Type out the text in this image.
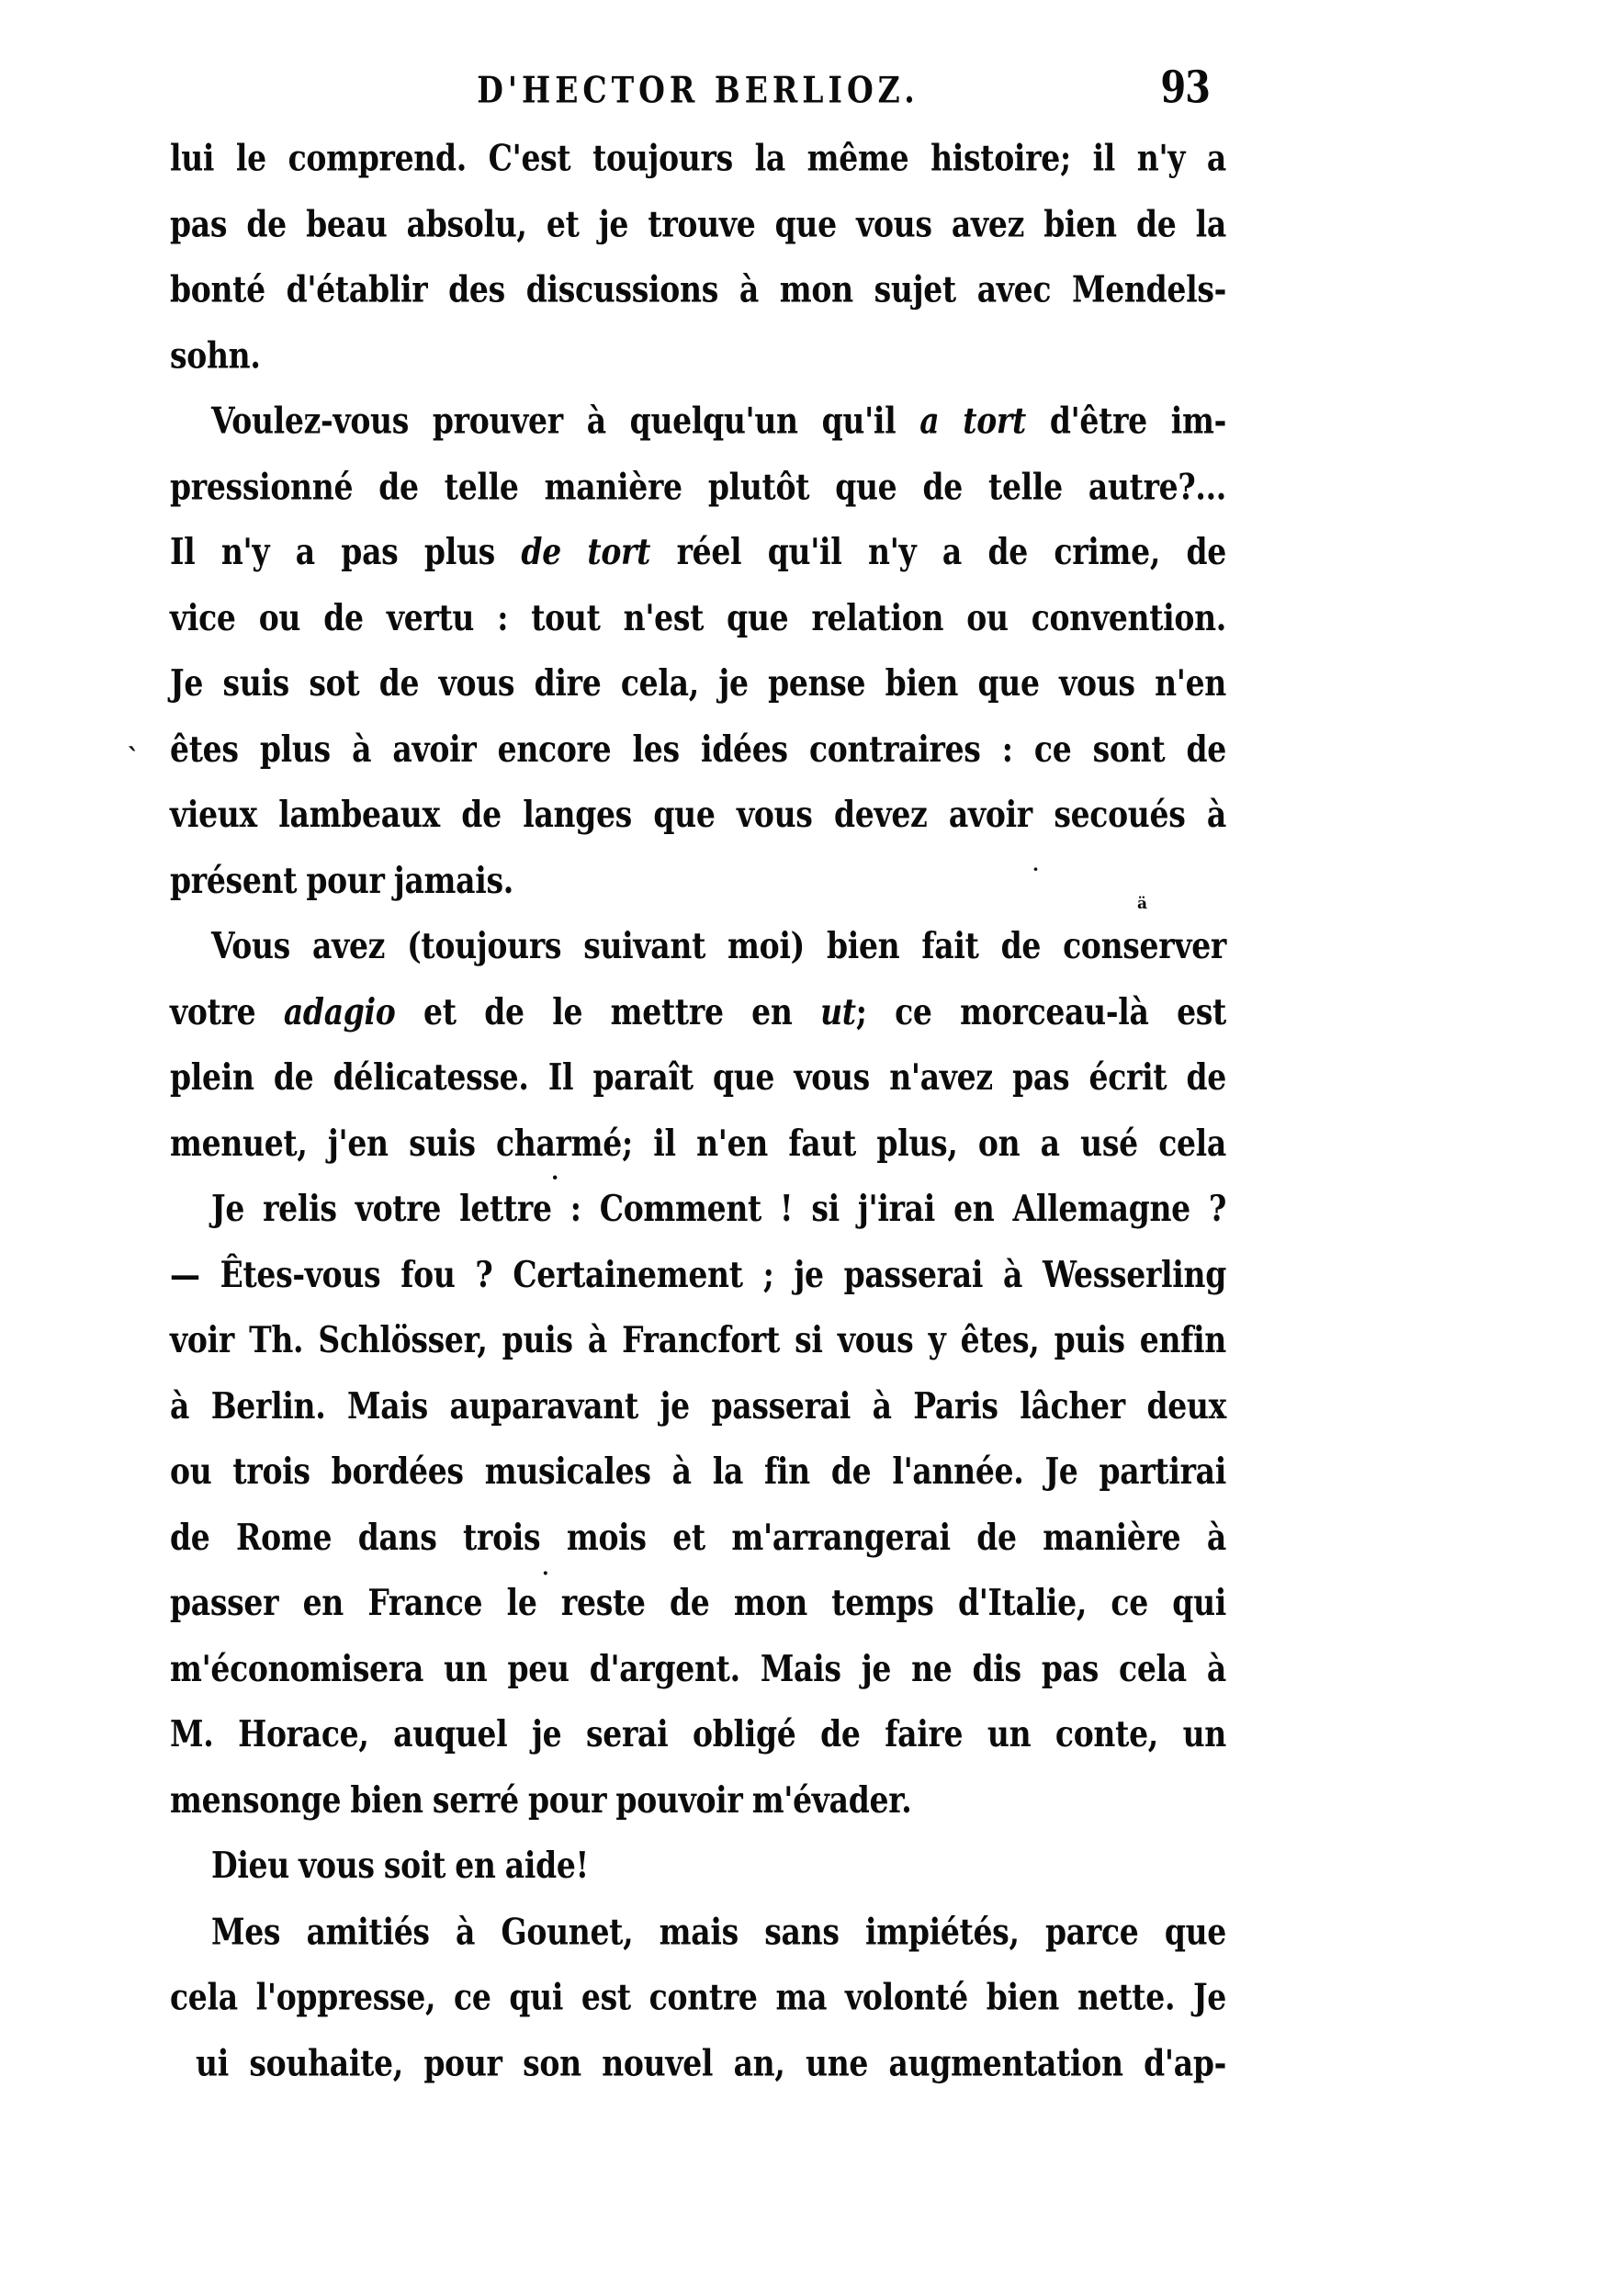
D'HECTOR BERLIOZ.	93
lui le comprend. C'est toujours la même histoire; il n'y a
pas de beau absolu, et je trouve que vous avez bien de la
bonté d'établir des discussions à mon sujet avec Mendels-
sohn.
Voulez-vous prouver à quelqu'un qu'il a tort d'être im-
pressionné de telle manière plutôt que de telle autre?...
Il n'y a pas plus de tort réel qu'il n'y a de crime, de
vice ou de vertu : tout n'est que relation ou convention.
Je suis sot de vous dire cela, je pense bien que vous n'en
êtes plus à avoir encore les idées contraires : ce sont de
vieux lambeaux de langes que vous devez avoir secoués à
présent pour jamais.
Vous avez (toujours suivant moi) bien fait de conserver
votre adagio et de le mettre en ut; ce morceau-là est
plein de délicatesse. Il paraît que vous n'avez pas écrit de
menuet, j'en suis charmé; il n'en faut plus, on a usé cela
Je relis votre lettre : Comment ! si j'irai en Allemagne ?
— Êtes-vous fou ? Certainement ; je passerai à Wesserling
voir Th. Schlösser, puis à Francfort si vous y êtes, puis enfin
à Berlin. Mais auparavant je passerai à Paris lâcher deux
ou trois bordées musicales à la fin de l'année. Je partirai
de Rome dans trois mois et m'arrangerai de manière à
passer en France le reste de mon temps d'Italie, ce qui
m'économisera un peu d'argent. Mais je ne dis pas cela à
M. Horace, auquel je serai obligé de faire un conte, un
mensonge bien serré pour pouvoir m'évader.
Dieu vous soit en aide!
Mes amitiés à Gounet, mais sans impiétés, parce que
cela l'oppresse, ce qui est contre ma volonté bien nette. Je
ui souhaite, pour son nouvel an, une augmentation d'ap-
`
ä
·
·
·
